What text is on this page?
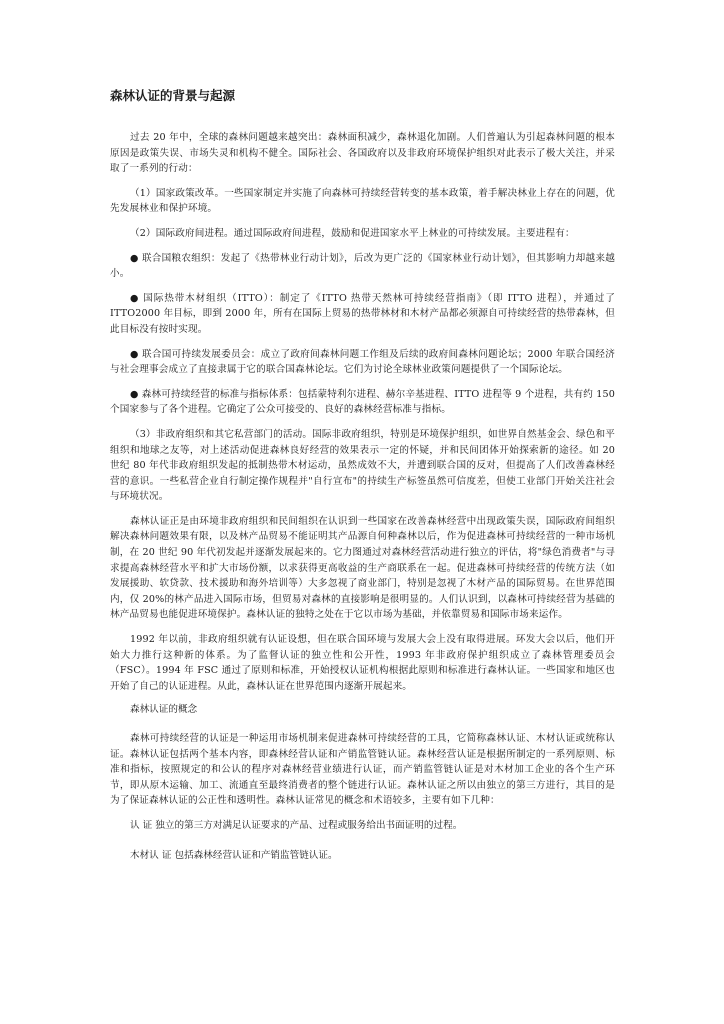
森林认证的背景与起源

过去 20 年中，全球的森林问题越来越突出：森林面积减少，森林退化加剧。人们普遍认为引起森林问题的根本原因是政策失误、市场失灵和机构不健全。国际社会、各国政府以及非政府环境保护组织对此表示了极大关注，并采取了一系列的行动：

（1）国家政策改革。一些国家制定并实施了向森林可持续经营转变的基本政策，着手解决林业上存在的问题，优先发展林业和保护环境。

（2）国际政府间进程。通过国际政府间进程，鼓励和促进国家水平上林业的可持续发展。主要进程有：

● 联合国粮农组织：发起了《热带林业行动计划》，后改为更广泛的《国家林业行动计划》，但其影响力却越来越小。

● 国际热带木材组织（ITTO）：制定了《ITTO 热带天然林可持续经营指南》（即 ITTO 进程），并通过了 ITTO2000 年目标，即到 2000 年，所有在国际上贸易的热带林材和木材产品都必须源自可持续经营的热带森林，但此目标没有按时实现。

● 联合国可持续发展委员会：成立了政府间森林问题工作组及后续的政府间森林问题论坛；2000 年联合国经济与社会理事会成立了直接隶属于它的联合国森林论坛。它们为讨论全球林业政策问题提供了一个国际论坛。

● 森林可持续经营的标准与指标体系：包括蒙特利尔进程、赫尔辛基进程、ITTO 进程等 9 个进程，共有约 150 个国家参与了各个进程。它确定了公众可接受的、良好的森林经营标准与指标。

（3）非政府组织和其它私营部门的活动。国际非政府组织，特别是环境保护组织，如世界自然基金会、绿色和平组织和地球之友等，对上述活动促进森林良好经营的效果表示一定的怀疑，并和民间团体开始探索新的途径。如 20 世纪 80 年代非政府组织发起的抵制热带木材运动，虽然成效不大，并遭到联合国的反对，但提高了人们改善森林经营的意识。一些私营企业自行制定操作规程并"自行宣布"的持续生产标签虽然可信度差，但使工业部门开始关注社会与环境状况。

森林认证正是由环境非政府组织和民间组织在认识到一些国家在改善森林经营中出现政策失误，国际政府间组织解决森林问题效果有限，以及林产品贸易不能证明其产品源自何种森林以后，作为促进森林可持续经营的一种市场机制，在 20 世纪 90 年代初发起并逐渐发展起来的。它力图通过对森林经营活动进行独立的评估，将"绿色消费者"与寻求提高森林经营水平和扩大市场份额，以求获得更高收益的生产商联系在一起。促进森林可持续经营的传统方法（如发展援助、软贷款、技术援助和海外培训等）大多忽视了商业部门，特别是忽视了木材产品的国际贸易。在世界范围内，仅 20%的林产品进入国际市场，但贸易对森林的直接影响是很明显的。人们认识到，以森林可持续经营为基础的林产品贸易也能促进环境保护。森林认证的独特之处在于它以市场为基础，并依靠贸易和国际市场来运作。

1992 年以前，非政府组织就有认证设想，但在联合国环境与发展大会上没有取得进展。环发大会以后，他们开始大力推行这种新的体系。为了监督认证的独立性和公开性，1993 年非政府保护组织成立了森林管理委员会（FSC）。1994 年 FSC 通过了原则和标准，开始授权认证机构根据此原则和标准进行森林认证。一些国家和地区也开始了自己的认证进程。从此，森林认证在世界范围内逐渐开展起来。

森林认证的概念

森林可持续经营的认证是一种运用市场机制来促进森林可持续经营的工具，它简称森林认证、木材认证或统称认证。森林认证包括两个基本内容，即森林经营认证和产销监管链认证。森林经营认证是根据所制定的一系列原则、标准和指标，按照规定的和公认的程序对森林经营业绩进行认证，而产销监管链认证是对木材加工企业的各个生产环节，即从原木运输、加工、流通直至最终消费者的整个链进行认证。森林认证之所以由独立的第三方进行，其目的是为了保证森林认证的公正性和透明性。森林认证常见的概念和术语较多，主要有如下几种：

认 证 独立的第三方对满足认证要求的产品、过程或服务给出书面证明的过程。

木材认 证 包括森林经营认证和产销监管链认证。
